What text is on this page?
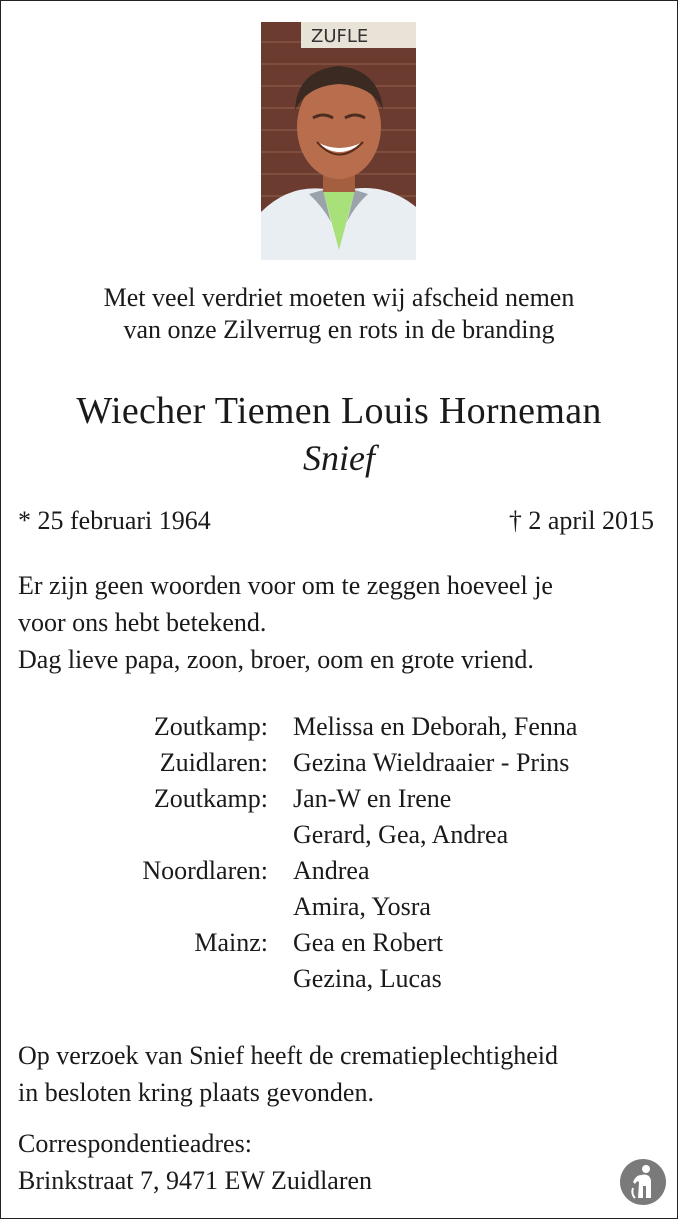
ZUFLE
Met veel verdriet moeten wij afscheid nemen
van onze Zilverrug en rots in de branding
Wiecher Tiemen Louis Horneman
Snief
* 25 februari 1964	† 2 april 2015
Er zijn geen woorden voor om te zeggen hoeveel je
voor ons hebt betekend.
Dag lieve papa, zoon, broer, oom en grote vriend.
Zoutkamp: Melissa en Deborah, Fenna
Zuidlaren: Gezina Wieldraaier - Prins
Zoutkamp: Jan-W en Irene
Gerard, Gea, Andrea
Noordlaren: Andrea
Amira, Yosra
Mainz: Gea en Robert
Gezina, Lucas
Op verzoek van Snief heeft de crematieplechtigheid
in besloten kring plaats gevonden.
Correspondentieadres:
Brinkstraat 7, 9471 EW Zuidlaren
